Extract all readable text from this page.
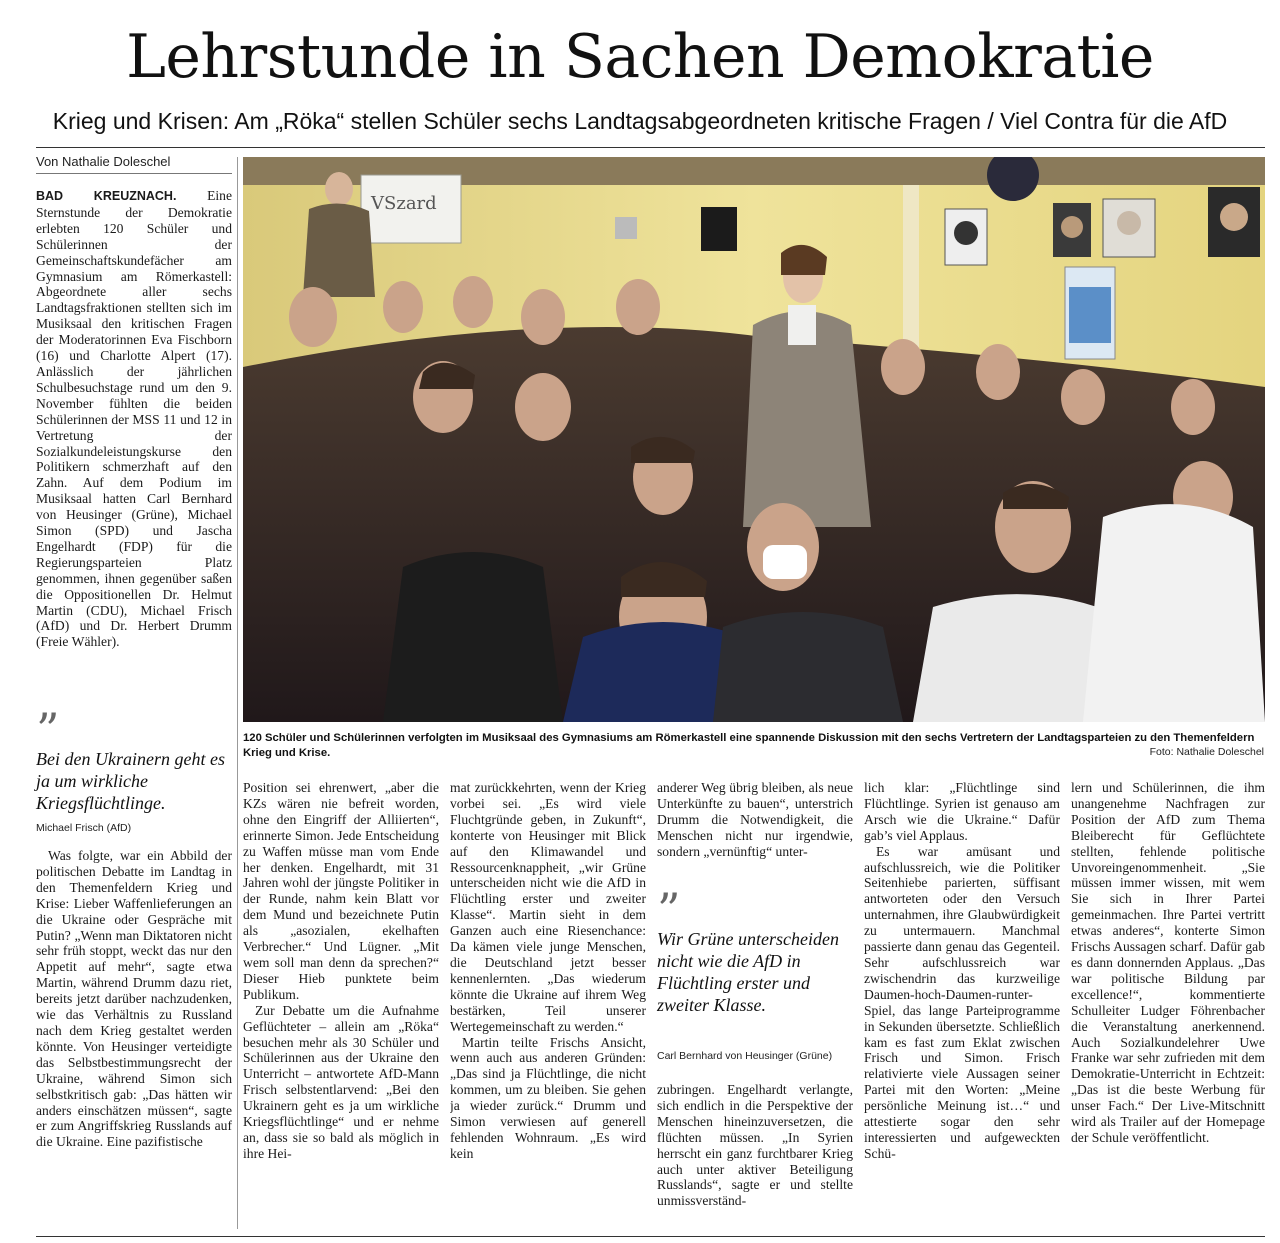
Lehrstunde in Sachen Demokratie
Krieg und Krisen: Am „Röka“ stellen Schüler sechs Landtagsabgeordneten kritische Fragen / Viel Contra für die AfD
Von Nathalie Doleschel

BAD KREUZNACH. Eine Sternstunde der Demokratie erlebten 120 Schüler und Schülerinnen der Gemeinschaftskundefächer am Gymnasium am Römerkastell: Abgeordnete aller sechs Landtagsfraktionen stellten sich im Musiksaal den kritischen Fragen der Moderatorinnen Eva Fischborn (16) und Charlotte Alpert (17). Anlässlich der jährlichen Schulbesuchstage rund um den 9. November fühlten die beiden Schülerinnen der MSS 11 und 12 in Vertretung der Sozialkundeleistungskurse den Politikern schmerzhaft auf den Zahn. Auf dem Podium im Musiksaal hatten Carl Bernhard von Heusinger (Grüne), Michael Simon (SPD) und Jascha Engelhardt (FDP) für die Regierungsparteien Platz genommen, ihnen gegenüber saßen die Oppositionellen Dr. Helmut Martin (CDU), Michael Frisch (AfD) und Dr. Herbert Drumm (Freie Wähler).

”
Bei den Ukrainern geht es ja um wirkliche Kriegsflüchtlinge.
Michael Frisch (AfD)

Was folgte, war ein Abbild der politischen Debatte im Landtag in den Themenfeldern Krieg und Krise: Lieber Waffenlieferungen an die Ukraine oder Gespräche mit Putin? „Wenn man Diktatoren nicht sehr früh stoppt, weckt das nur den Appetit auf mehr“, sagte etwa Martin, während Drumm dazu riet, bereits jetzt darüber nachzudenken, wie das Verhältnis zu Russland nach dem Krieg gestaltet werden könnte. Von Heusinger verteidigte das Selbstbestimmungsrecht der Ukraine, während Simon sich selbstkritisch gab: „Das hätten wir anders einschätzen müssen“, sagte er zum Angriffskrieg Russlands auf die Ukraine. Eine pazifistische

VSzard
120 Schüler und Schülerinnen verfolgten im Musiksaal des Gymnasiums am Römerkastell eine spannende Diskussion mit den sechs Vertretern der Landtagsparteien zu den Themenfeldern Krieg und Krise.	Foto: Nathalie Doleschel

Position sei ehrenwert, „aber die KZs wären nie befreit worden, ohne den Eingriff der Alliierten“, erinnerte Simon. Jede Entscheidung zu Waffen müsse man vom Ende her denken. Engelhardt, mit 31 Jahren wohl der jüngste Politiker in der Runde, nahm kein Blatt vor dem Mund und bezeichnete Putin als „asozialen, ekelhaften Verbrecher.“ Und Lügner. „Mit wem soll man denn da sprechen?“ Dieser Hieb punktete beim Publikum.

Zur Debatte um die Aufnahme Geflüchteter – allein am „Röka“ besuchen mehr als 30 Schüler und Schülerinnen aus der Ukraine den Unterricht – antwortete AfD-Mann Frisch selbstentlarvend: „Bei den Ukrainern geht es ja um wirkliche Kriegsflüchtlinge“ und er nehme an, dass sie so bald als möglich in ihre Hei-

mat zurückkehrten, wenn der Krieg vorbei sei. „Es wird viele Fluchtgründe geben, in Zukunft“, konterte von Heusinger mit Blick auf den Klimawandel und Ressourcenknappheit, „wir Grüne unterscheiden nicht wie die AfD in Flüchtling erster und zweiter Klasse“. Martin sieht in dem Ganzen auch eine Riesenchance: Da kämen viele junge Menschen, die Deutschland jetzt besser kennenlernten. „Das wiederum könnte die Ukraine auf ihrem Weg bestärken, Teil unserer Wertegemeinschaft zu werden.“

Martin teilte Frischs Ansicht, wenn auch aus anderen Gründen: „Das sind ja Flüchtlinge, die nicht kommen, um zu bleiben. Sie gehen ja wieder zurück.“ Drumm und Simon verwiesen auf generell fehlenden Wohnraum. „Es wird kein

anderer Weg übrig bleiben, als neue Unterkünfte zu bauen“, unterstrich Drumm die Notwendigkeit, die Menschen nicht nur irgendwie, sondern „vernünftig“ unter-

”
Wir Grüne unterscheiden nicht wie die AfD in Flüchtling erster und zweiter Klasse.
Carl Bernhard von Heusinger (Grüne)

zubringen. Engelhardt verlangte, sich endlich in die Perspektive der Menschen hineinzuversetzen, die flüchten müssen. „In Syrien herrscht ein ganz furchtbarer Krieg auch unter aktiver Beteiligung Russlands“, sagte er und stellte unmissverständ-

lich klar: „Flüchtlinge sind Flüchtlinge. Syrien ist genauso am Arsch wie die Ukraine.“ Dafür gab’s viel Applaus.

Es war amüsant und aufschlussreich, wie die Politiker Seitenhiebe parierten, süffisant antworteten oder den Versuch unternahmen, ihre Glaubwürdigkeit zu untermauern. Manchmal passierte dann genau das Gegenteil. Sehr aufschlussreich war zwischendrin das kurzweilige Daumen-hoch-Daumen-runter-Spiel, das lange Parteiprogramme in Sekunden übersetzte. Schließlich kam es fast zum Eklat zwischen Frisch und Simon. Frisch relativierte viele Aussagen seiner Partei mit den Worten: „Meine persönliche Meinung ist…“ und attestierte sogar den sehr interessierten und aufgeweckten Schü-

lern und Schülerinnen, die ihm unangenehme Nachfragen zur Position der AfD zum Thema Bleiberecht für Geflüchtete stellten, fehlende politische Unvoreingenommenheit. „Sie müssen immer wissen, mit wem Sie sich in Ihrer Partei gemeinmachen. Ihre Partei vertritt etwas anderes“, konterte Simon Frischs Aussagen scharf. Dafür gab es dann donnernden Applaus. „Das war politische Bildung par excellence!“, kommentierte Schulleiter Ludger Föhrenbacher die Veranstaltung anerkennend. Auch Sozialkundelehrer Uwe Franke war sehr zufrieden mit dem Demokratie-Unterricht in Echtzeit: „Das ist die beste Werbung für unser Fach.“ Der Live-Mitschnitt wird als Trailer auf der Homepage der Schule veröffentlicht.
